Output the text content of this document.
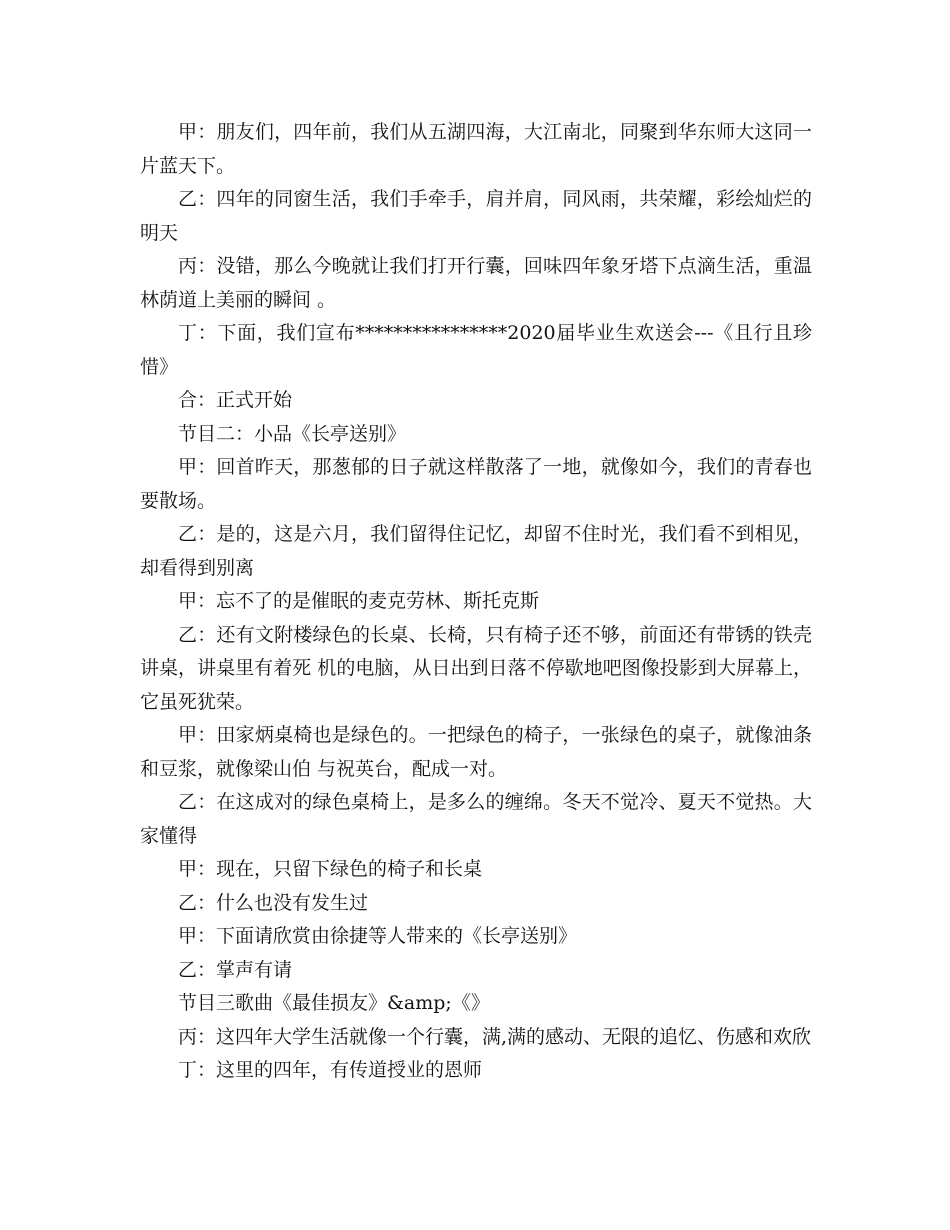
甲：朋友们，四年前，我们从五湖四海，大江南北，同聚到华东师大这同一片蓝天下。

乙：四年的同窗生活，我们手牵手，肩并肩，同风雨，共荣耀，彩绘灿烂的明天

丙：没错，那么今晚就让我们打开行囊，回味四年象牙塔下点滴生活，重温林荫道上美丽的瞬间 。

丁：下面，我们宣布****************2020届毕业生欢送会---《且行且珍惜》

合：正式开始

节目二：小品《长亭送别》

甲：回首昨天，那葱郁的日子就这样散落了一地，就像如今，我们的青春也要散场。

乙：是的，这是六月，我们留得住记忆，却留不住时光，我们看不到相见，却看得到别离

甲：忘不了的是催眠的麦克劳林、斯托克斯

乙：还有文附楼绿色的长桌、长椅，只有椅子还不够，前面还有带锈的铁壳讲桌，讲桌里有着死 机的电脑，从日出到日落不停歇地吧图像投影到大屏幕上，它虽死犹荣。

甲：田家炳桌椅也是绿色的。一把绿色的椅子，一张绿色的桌子，就像油条和豆浆，就像梁山伯 与祝英台，配成一对。

乙：在这成对的绿色桌椅上，是多么的缠绵。冬天不觉冷、夏天不觉热。大家懂得

甲：现在，只留下绿色的椅子和长桌

乙：什么也没有发生过

甲：下面请欣赏由徐捷等人带来的《长亭送别》

乙：掌声有请

节目三歌曲《最佳损友》&amp;《》

丙：这四年大学生活就像一个行囊，满,满的感动、无限的追忆、伤感和欢欣

丁：这里的四年，有传道授业的恩师
